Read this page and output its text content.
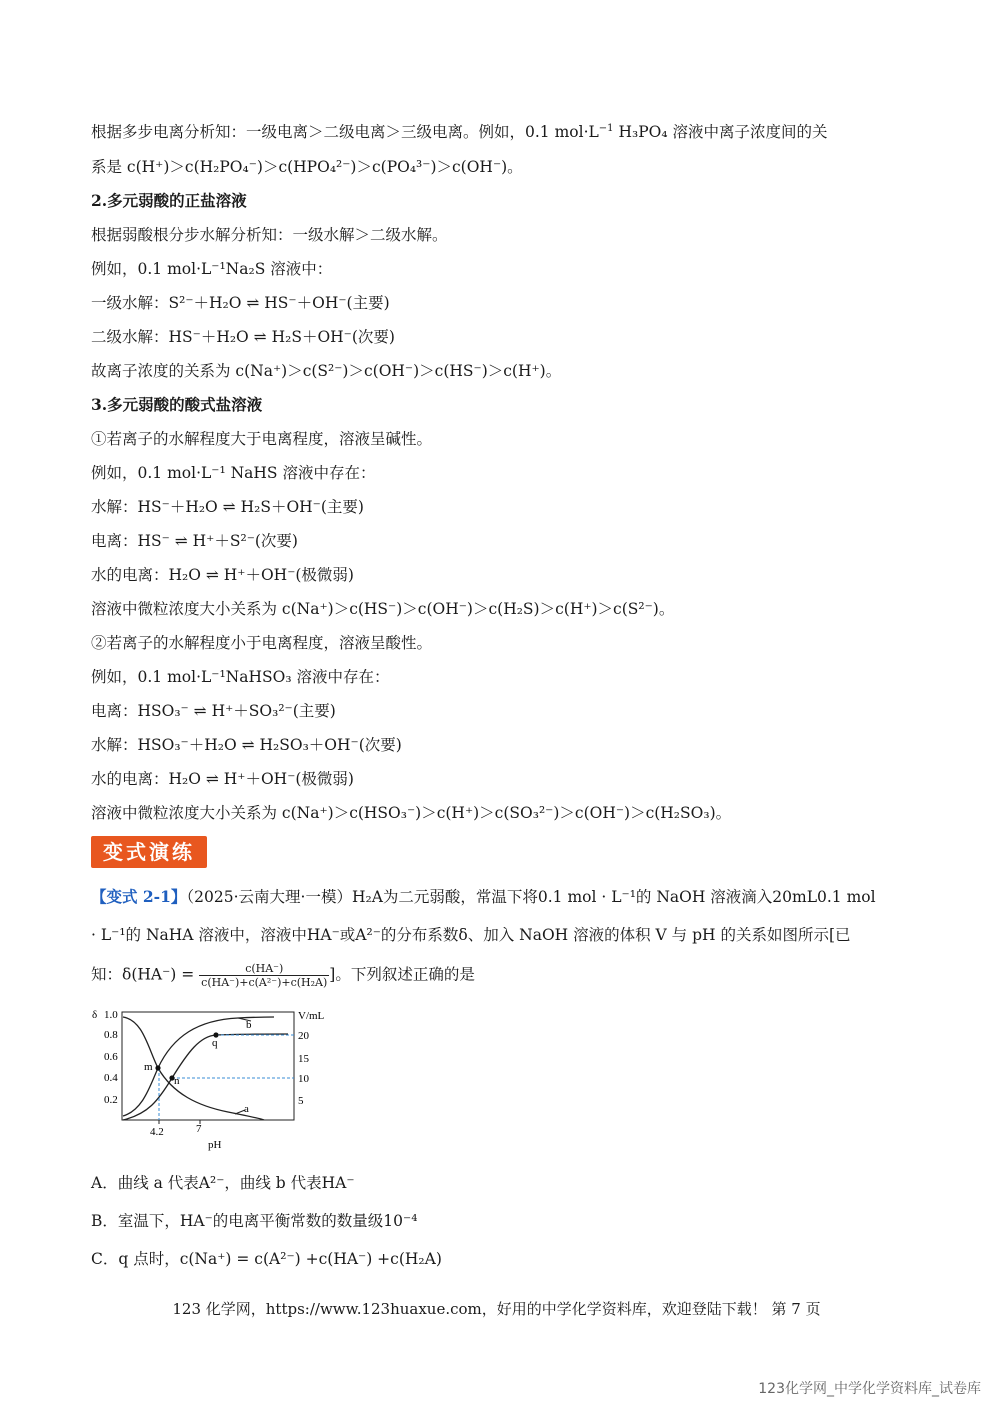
根据多步电离分析知：一级电离＞二级电离＞三级电离。例如，0.1 $mol\cdot L^{-1}$ H₃PO₄ 溶液中离子浓度间的关
系是 c(H⁺)＞c(H₂PO₄⁻)＞c(HPO₄²⁻)＞c(PO₄³⁻)＞c(OH⁻)。
2.多元弱酸的正盐溶液
根据弱酸根分步水解分析知：一级水解＞二级水解。
例如，0.1 mol·L⁻¹Na₂S 溶液中：
一级水解：S²⁻＋H₂O ⇌ HS⁻＋OH⁻(主要)
二级水解：HS⁻＋H₂O ⇌ H₂S＋OH⁻(次要)
故离子浓度的关系为 c(Na⁺)＞c(S²⁻)＞c(OH⁻)＞c(HS⁻)＞c(H⁺)。
3.多元弱酸的酸式盐溶液
①若离子的水解程度大于电离程度，溶液呈碱性。
例如，0.1 mol·L⁻¹ NaHS 溶液中存在：
水解：HS⁻＋H₂O ⇌ H₂S＋OH⁻(主要)
电离：HS⁻ ⇌ H⁺＋S²⁻(次要)
水的电离：H₂O ⇌ H⁺＋OH⁻(极微弱)
溶液中微粒浓度大小关系为 c(Na⁺)＞c(HS⁻)＞c(OH⁻)＞c(H₂S)＞c(H⁺)＞c(S²⁻)。
②若离子的水解程度小于电离程度，溶液呈酸性。
例如，0.1 mol·L⁻¹NaHSO₃ 溶液中存在：
电离：HSO₃⁻ ⇌ H⁺＋SO₃²⁻(主要)
水解：HSO₃⁻＋H₂O ⇌ H₂SO₃＋OH⁻(次要)
水的电离：H₂O ⇌ H⁺＋OH⁻(极微弱)
溶液中微粒浓度大小关系为 c(Na⁺)＞c(HSO₃⁻)＞c(H⁺)＞c(SO₃²⁻)＞c(OH⁻)＞c(H₂SO₃)。
变式演练
【变式 2-1】（2025·云南大理·一模）H₂A为二元弱酸，常温下将0.1 mol · L⁻¹的 NaOH 溶液滴入20mL0.1 mol
· L⁻¹的 NaHA 溶液中，溶液中HA⁻或A²⁻的分布系数δ、加入 NaOH 溶液的体积 V 与 pH 的关系如图所示[已
知：$\delta(HA^-) = \frac{c(HA^-)}{\text{c(HA⁻)+c(A²⁻)+c(H₂A)}}$ ]。下列叙述正确的是
δ	V/mL
pH
1.0
0.8
0.6
0.4
0.2
20
15
10
5
4.2	7
m
n
q
b
a
A．曲线 a 代表A²⁻，曲线 b 代表HA⁻
B．室温下，HA⁻的电离平衡常数的数量级10⁻⁴
C．q 点时，c(Na⁺) = c(A²⁻) +c(HA⁻) +c(H₂A)
123 化学网，https://www.123huaxue.com，好用的中学化学资料库，欢迎登陆下载！ 第 7 页
123化学网_中学化学资料库_试卷库
